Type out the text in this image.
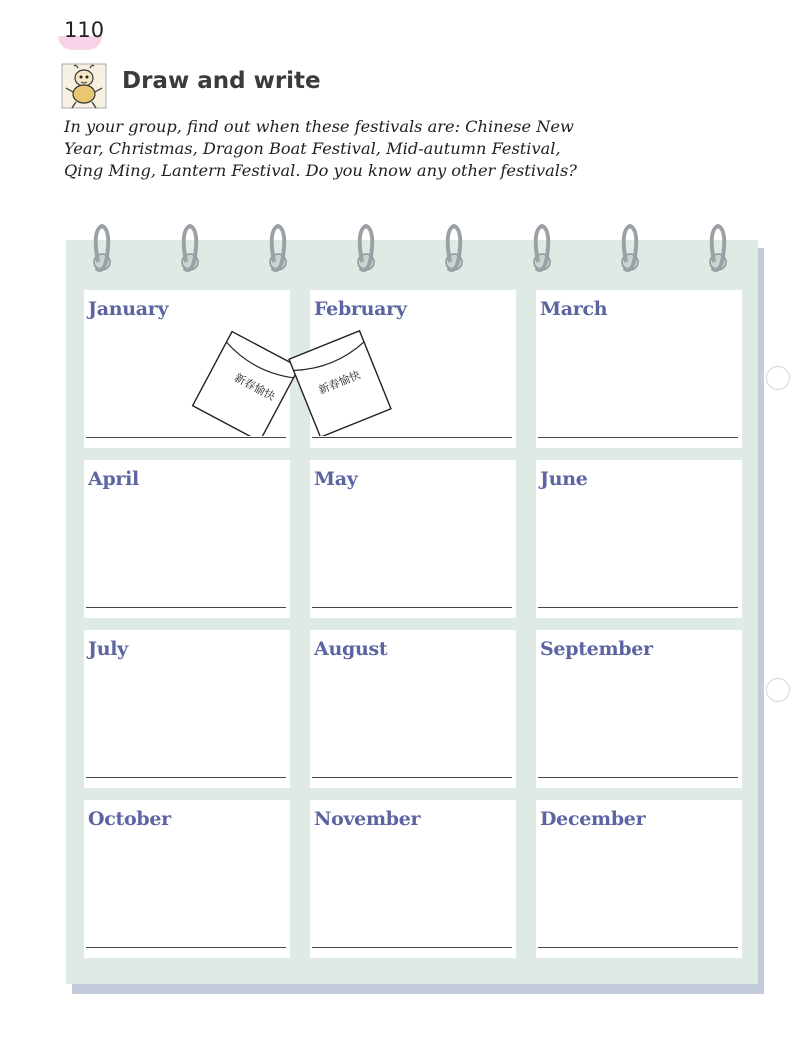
110
Draw and write
In your group, find out when these festivals are: Chinese New Year, Christmas, Dragon Boat Festival, Mid-autumn Festival, Qing Ming, Lantern Festival. Do you know any other festivals?
January	February	March
April	May	June
July	August	September
October	November	December
新春愉快	新春愉快
